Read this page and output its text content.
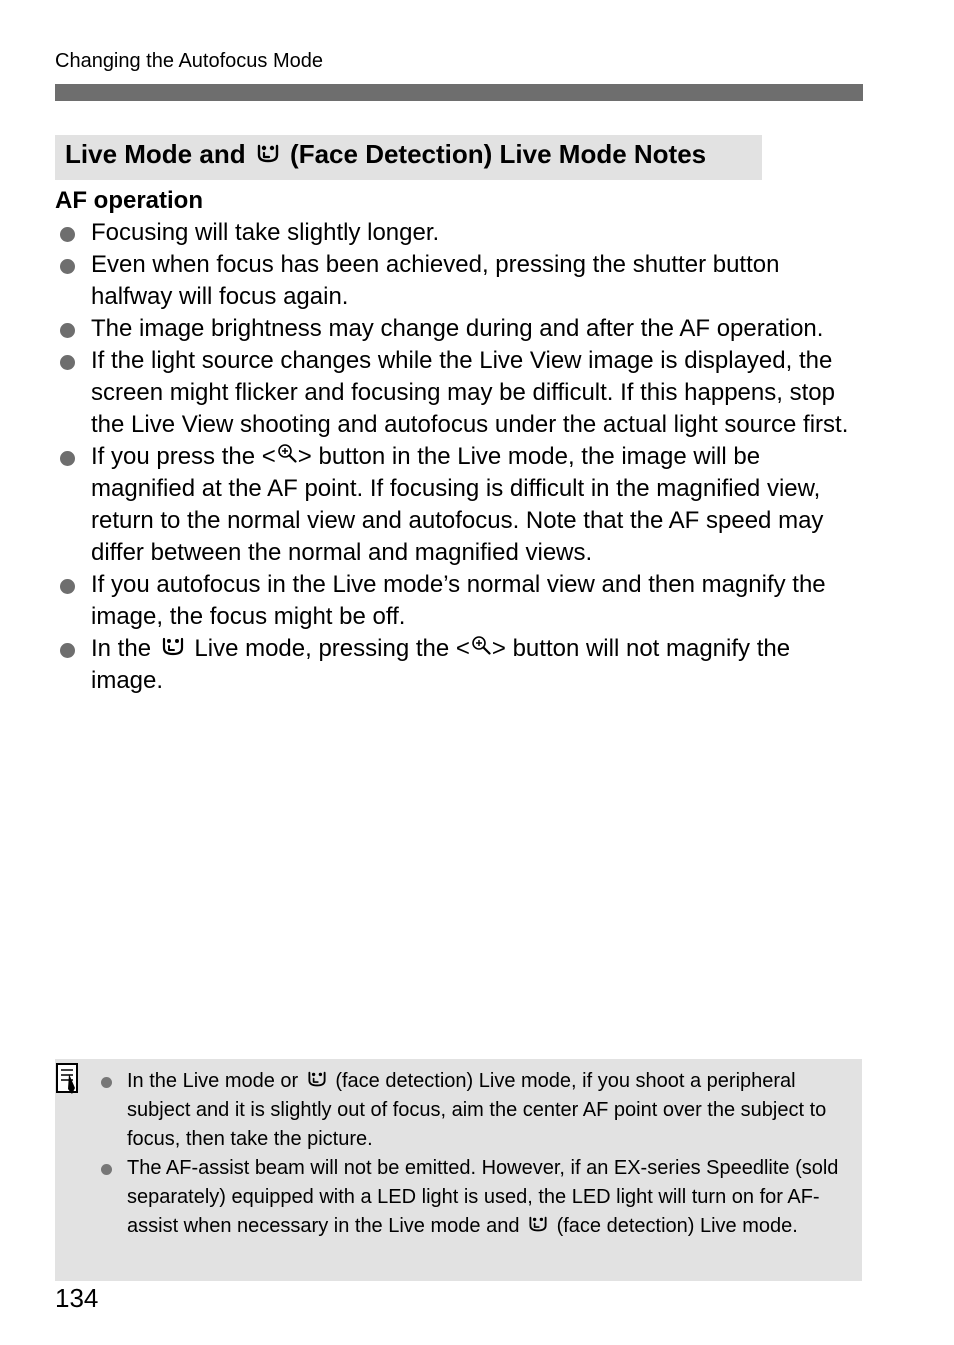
Changing the Autofocus Mode
Live Mode and (Face Detection) Live Mode Notes
AF operation
Focusing will take slightly longer.
Even when focus has been achieved, pressing the shutter button halfway will focus again.
The image brightness may change during and after the AF operation.
If the light source changes while the Live View image is displayed, the screen might flicker and focusing may be difficult. If this happens, stop the Live View shooting and autofocus under the actual light source first.
If you press the < > button in the Live mode, the image will be magnified at the AF point. If focusing is difficult in the magnified view, return to the normal view and autofocus. Note that the AF speed may differ between the normal and magnified views.
If you autofocus in the Live mode’s normal view and then magnify the image, the focus might be off.
In the Live mode, pressing the < > button will not magnify the image.
In the Live mode or (face detection) Live mode, if you shoot a peripheral subject and it is slightly out of focus, aim the center AF point over the subject to focus, then take the picture.
The AF-assist beam will not be emitted. However, if an EX-series Speedlite (sold separately) equipped with a LED light is used, the LED light will turn on for AF-assist when necessary in the Live mode and (face detection) Live mode.
134
